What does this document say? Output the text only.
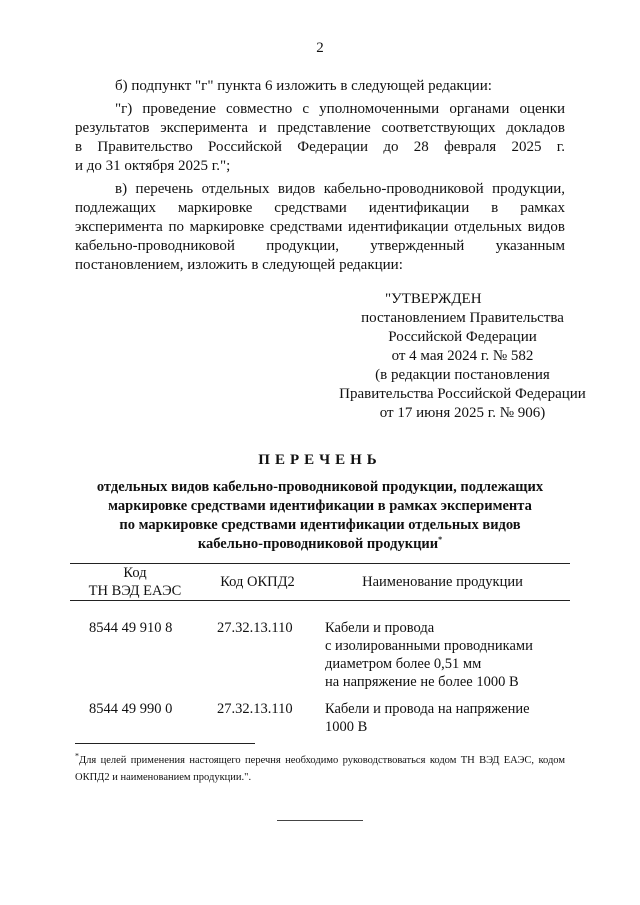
2

б) подпункт "г" пункта 6 изложить в следующей редакции:

"г) проведение совместно с уполномоченными органами оценки
результатов эксперимента и представление соответствующих докладов
в Правительство Российской Федерации до 28 февраля 2025 г.
и до 31 октября 2025 г.";

в) перечень отдельных видов кабельно-проводниковой продукции,
подлежащих маркировке средствами идентификации в рамках
эксперимента по маркировке средствами идентификации отдельных видов
кабельно-проводниковой продукции, утвержденный указанным
постановлением, изложить в следующей редакции:

"УТВЕРЖДЕН
постановлением Правительства
Российской Федерации
от 4 мая 2024 г. № 582
(в редакции постановления
Правительства Российской Федерации
от 17 июня 2025 г. № 906)
ПЕРЕЧЕНЬ
отдельных видов кабельно-проводниковой продукции, подлежащих
маркировке средствами идентификации в рамках эксперимента
по маркировке средствами идентификации отдельных видов
кабельно-проводниковой продукции*
Код
ТН ВЭД ЕАЭС
Код ОКПД2	Наименование продукции
8544 49 910 8	27.32.13.110 Кабели и провода
с изолированными проводниками
диаметром более 0,51 мм
на напряжение не более 1000 В
8544 49 990 0	27.32.13.110 Кабели и провода на напряжение
1000 В
*Для целей применения настоящего перечня необходимо руководствоваться кодом ТН ВЭД ЕАЭС, кодом ОКПД2 и наименованием продукции.".
